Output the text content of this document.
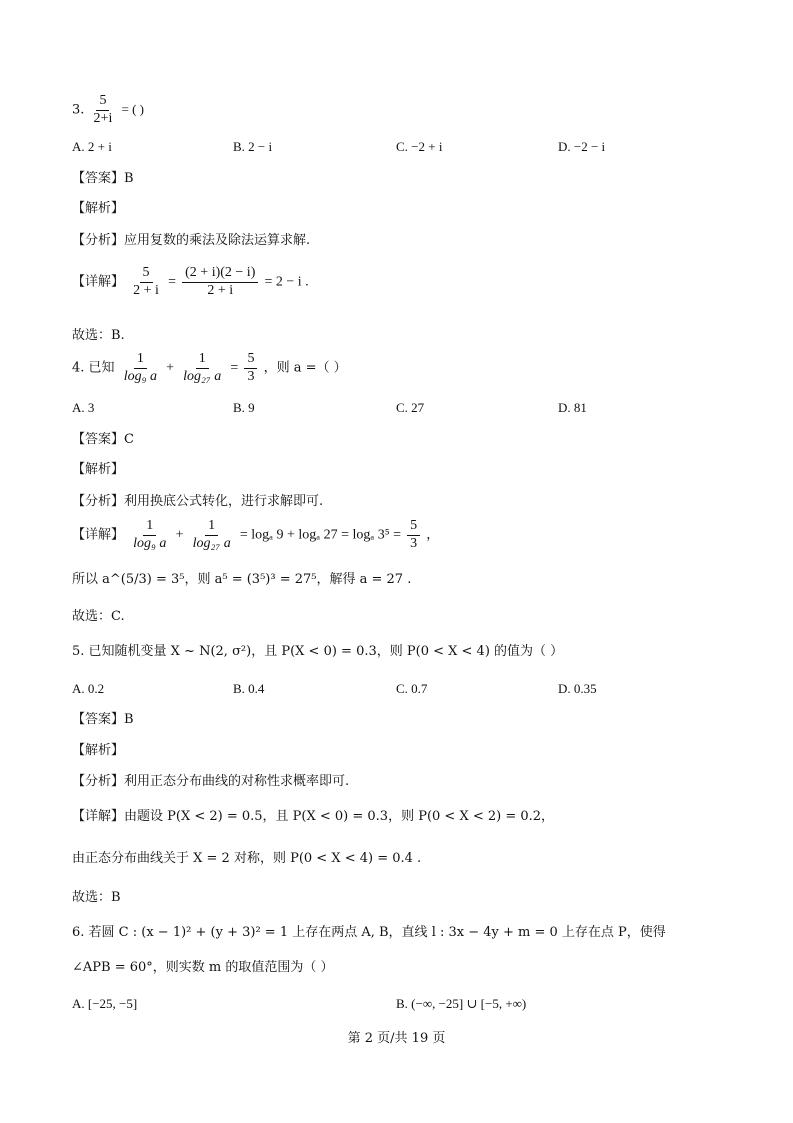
3. $\frac{5}{2+i}$ = ( )
A. 2 + i	B. 2 − i	C. −2 + i	D. −2 − i
【答案】B
【解析】
【分析】应用复数的乘法及除法运算求解.
【详解】 $\frac{5}{2 + i} = \frac{(2 + i)(2 - i)}{2 + i} = 2 - i$ .
故选：B.
4. 已知 $\frac{1}{\text{log₉ a}} + \frac{1}{\text{log₂₇ a}} = \frac{5}{3}$ ，则 a =（ ）
A. 3	B. 9	C. 27	D. 81
【答案】C
【解析】
【分析】利用换底公式转化，进行求解即可.
【详解】 $\frac{1}{\text{log₉ a}} + \frac{1}{\text{log₂₇ a}} = \log_a$ 9 + logₐ 27 = logₐ $3^5 = \frac{5}{3}$ ，
所以 a^(5/3) = 3⁵，则 a⁵ = (3⁵)³ = 27⁵，解得 a = 27 .
故选：C.
5. 已知随机变量 X ~ N(2, σ²)，且 P(X < 0) = 0.3，则 P(0 < X < 4) 的值为（ ）
A. 0.2	B. 0.4	C. 0.7	D. 0.35
【答案】B
【解析】
【分析】利用正态分布曲线的对称性求概率即可.
【详解】由题设 P(X < 2) = 0.5，且 P(X < 0) = 0.3，则 P(0 < X < 2) = 0.2，
由正态分布曲线关于 X = 2 对称，则 P(0 < X < 4) = 0.4 .
故选：B
6. 若圆 C : (x − 1)² + (y + 3)² = 1 上存在两点 A, B，直线 l : 3x − 4y + m = 0 上存在点 P，使得
∠APB = 60°，则实数 m 的取值范围为（ ）
A. [−25, −5]	B. (−∞, −25] ∪ [−5, +∞)
第 2 页/共 19 页
